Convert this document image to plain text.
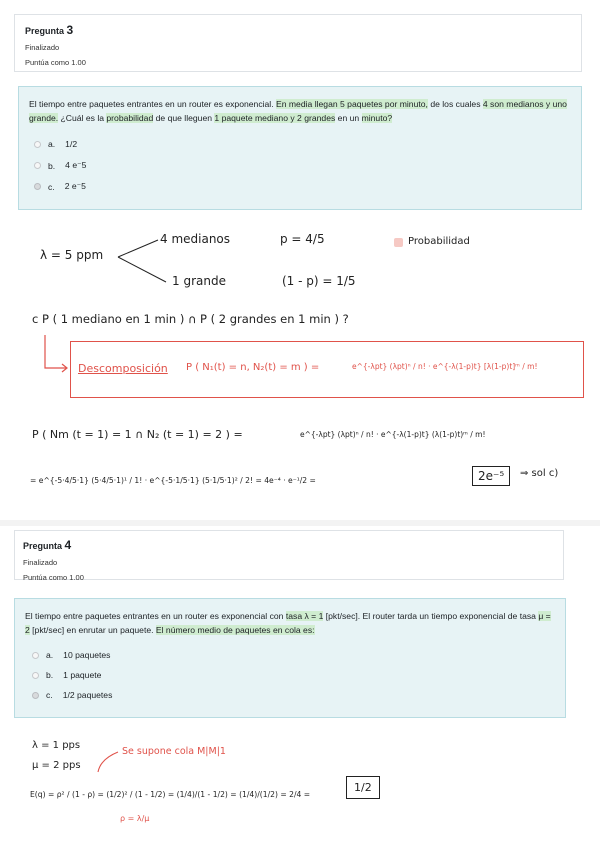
Pregunta 3
Finalizado
Puntúa como 1.00
El tiempo entre paquetes entrantes en un router es exponencial. En media llegan 5 paquetes por minuto, de los cuales 4 son medianos y uno grande. ¿Cuál es la probabilidad de que lleguen 1 paquete mediano y 2 grandes en un minuto?
a. 1/2
b. 4 e⁻5
c. 2 e⁻5
λ = 5 ppm
4 medianos	p = 4/5
1 grande	(1 - p) = 1/5
Probabilidad
c P ( 1 mediano en 1 min ) ∩ P ( 2 grandes en 1 min ) ?
Descomposición P ( N₁(t) = n, N₂(t) = m ) =	e^{-λpt} (λpt)ⁿ / n! · e^{-λ(1-p)t} [λ(1-p)t]ᵐ / m!
P ( Nm (t = 1) = 1 ∩ N₂ (t = 1) = 2 ) =	e^{-λpt} (λpt)ⁿ / n! · e^{-λ(1-p)t} (λ(1-p)t)ᵐ / m!
= e^{-5·4/5·1} (5·4/5·1)¹ / 1! · e^{-5·1/5·1} (5·1/5·1)² / 2! = 4e⁻⁴ · e⁻¹/2 =	2e⁻⁵	⇒ sol c)
Pregunta 4
Finalizado
Puntúa como 1.00
El tiempo entre paquetes entrantes en un router es exponencial con tasa λ = 1 [pkt/sec]. El router tarda un tiempo exponencial de tasa μ = 2 [pkt/sec] en enrutar un paquete. El número medio de paquetes en cola es:
a. 10 paquetes
b. 1 paquete
c. 1/2 paquetes
λ = 1 pps
μ = 2 pps
Se supone cola M|M|1
E(q) = ρ² / (1 - ρ) = (1/2)² / (1 - 1/2) = (1/4)/(1 - 1/2) = (1/4)/(1/2) = 2/4 =
ρ = λ/μ
1/2
